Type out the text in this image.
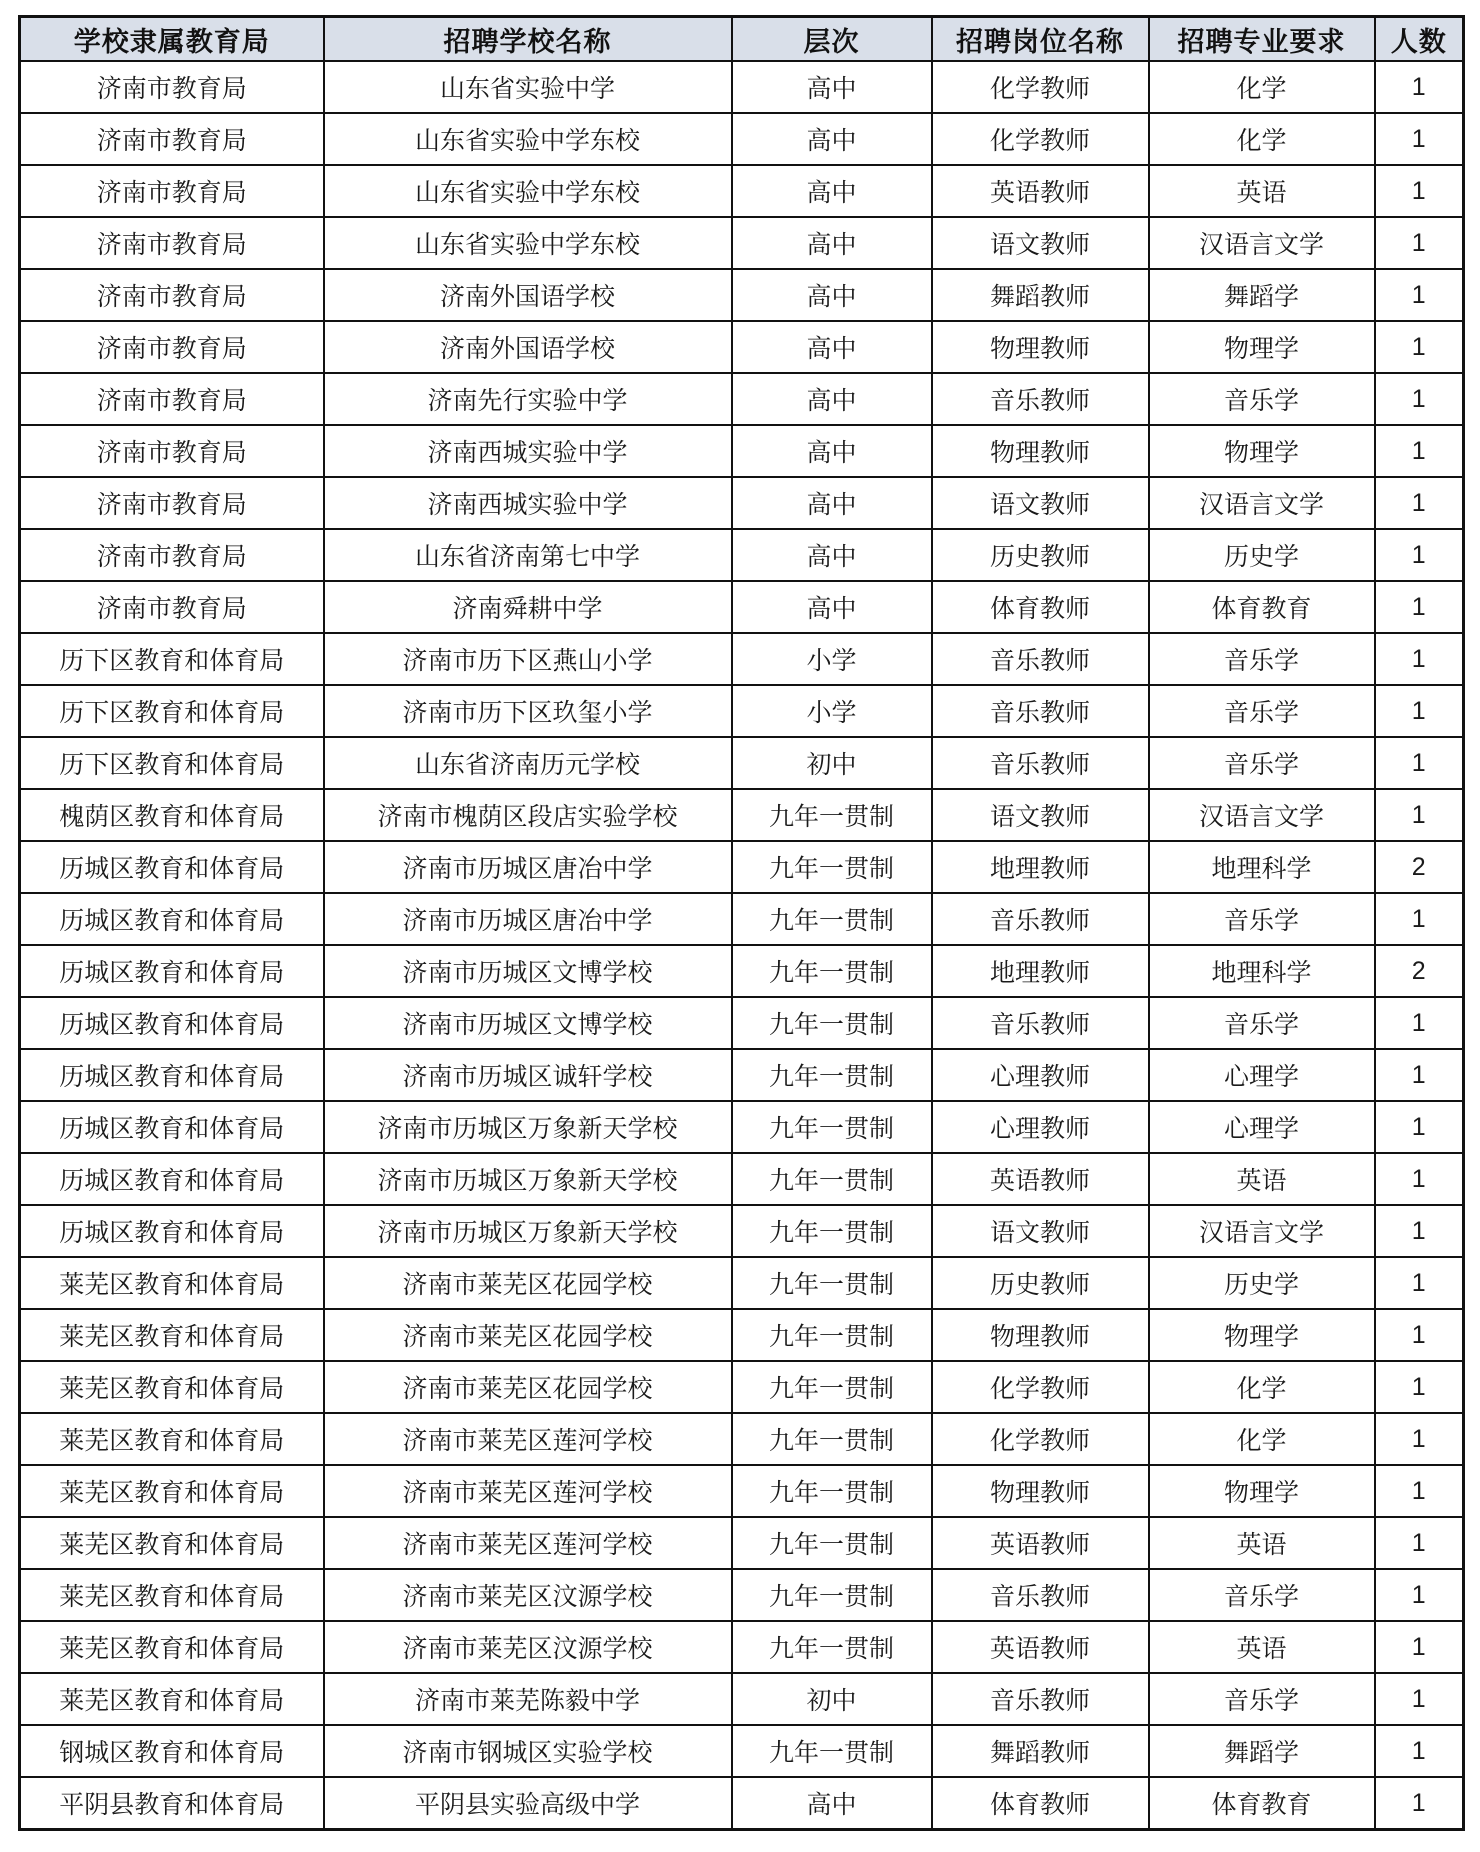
学校隶属教育局	招聘学校名称	层次	招聘岗位名称	招聘专业要求	人数
济南市教育局	山东省实验中学	高中	化学教师	化学	1
济南市教育局	山东省实验中学东校	高中	化学教师	化学	1
济南市教育局	山东省实验中学东校	高中	英语教师	英语	1
济南市教育局	山东省实验中学东校	高中	语文教师	汉语言文学	1
济南市教育局	济南外国语学校	高中	舞蹈教师	舞蹈学	1
济南市教育局	济南外国语学校	高中	物理教师	物理学	1
济南市教育局	济南先行实验中学	高中	音乐教师	音乐学	1
济南市教育局	济南西城实验中学	高中	物理教师	物理学	1
济南市教育局	济南西城实验中学	高中	语文教师	汉语言文学	1
济南市教育局	山东省济南第七中学	高中	历史教师	历史学	1
济南市教育局	济南舜耕中学	高中	体育教师	体育教育	1
历下区教育和体育局	济南市历下区燕山小学	小学	音乐教师	音乐学	1
历下区教育和体育局	济南市历下区玖玺小学	小学	音乐教师	音乐学	1
历下区教育和体育局	山东省济南历元学校	初中	音乐教师	音乐学	1
槐荫区教育和体育局	济南市槐荫区段店实验学校	九年一贯制	语文教师	汉语言文学	1
历城区教育和体育局	济南市历城区唐冶中学	九年一贯制	地理教师	地理科学	2
历城区教育和体育局	济南市历城区唐冶中学	九年一贯制	音乐教师	音乐学	1
历城区教育和体育局	济南市历城区文博学校	九年一贯制	地理教师	地理科学	2
历城区教育和体育局	济南市历城区文博学校	九年一贯制	音乐教师	音乐学	1
历城区教育和体育局	济南市历城区诚轩学校	九年一贯制	心理教师	心理学	1
历城区教育和体育局	济南市历城区万象新天学校	九年一贯制	心理教师	心理学	1
历城区教育和体育局	济南市历城区万象新天学校	九年一贯制	英语教师	英语	1
历城区教育和体育局	济南市历城区万象新天学校	九年一贯制	语文教师	汉语言文学	1
莱芜区教育和体育局	济南市莱芜区花园学校	九年一贯制	历史教师	历史学	1
莱芜区教育和体育局	济南市莱芜区花园学校	九年一贯制	物理教师	物理学	1
莱芜区教育和体育局	济南市莱芜区花园学校	九年一贯制	化学教师	化学	1
莱芜区教育和体育局	济南市莱芜区莲河学校	九年一贯制	化学教师	化学	1
莱芜区教育和体育局	济南市莱芜区莲河学校	九年一贯制	物理教师	物理学	1
莱芜区教育和体育局	济南市莱芜区莲河学校	九年一贯制	英语教师	英语	1
莱芜区教育和体育局	济南市莱芜区汶源学校	九年一贯制	音乐教师	音乐学	1
莱芜区教育和体育局	济南市莱芜区汶源学校	九年一贯制	英语教师	英语	1
莱芜区教育和体育局	济南市莱芜陈毅中学	初中	音乐教师	音乐学	1
钢城区教育和体育局	济南市钢城区实验学校	九年一贯制	舞蹈教师	舞蹈学	1
平阴县教育和体育局	平阴县实验高级中学	高中	体育教师	体育教育	1
